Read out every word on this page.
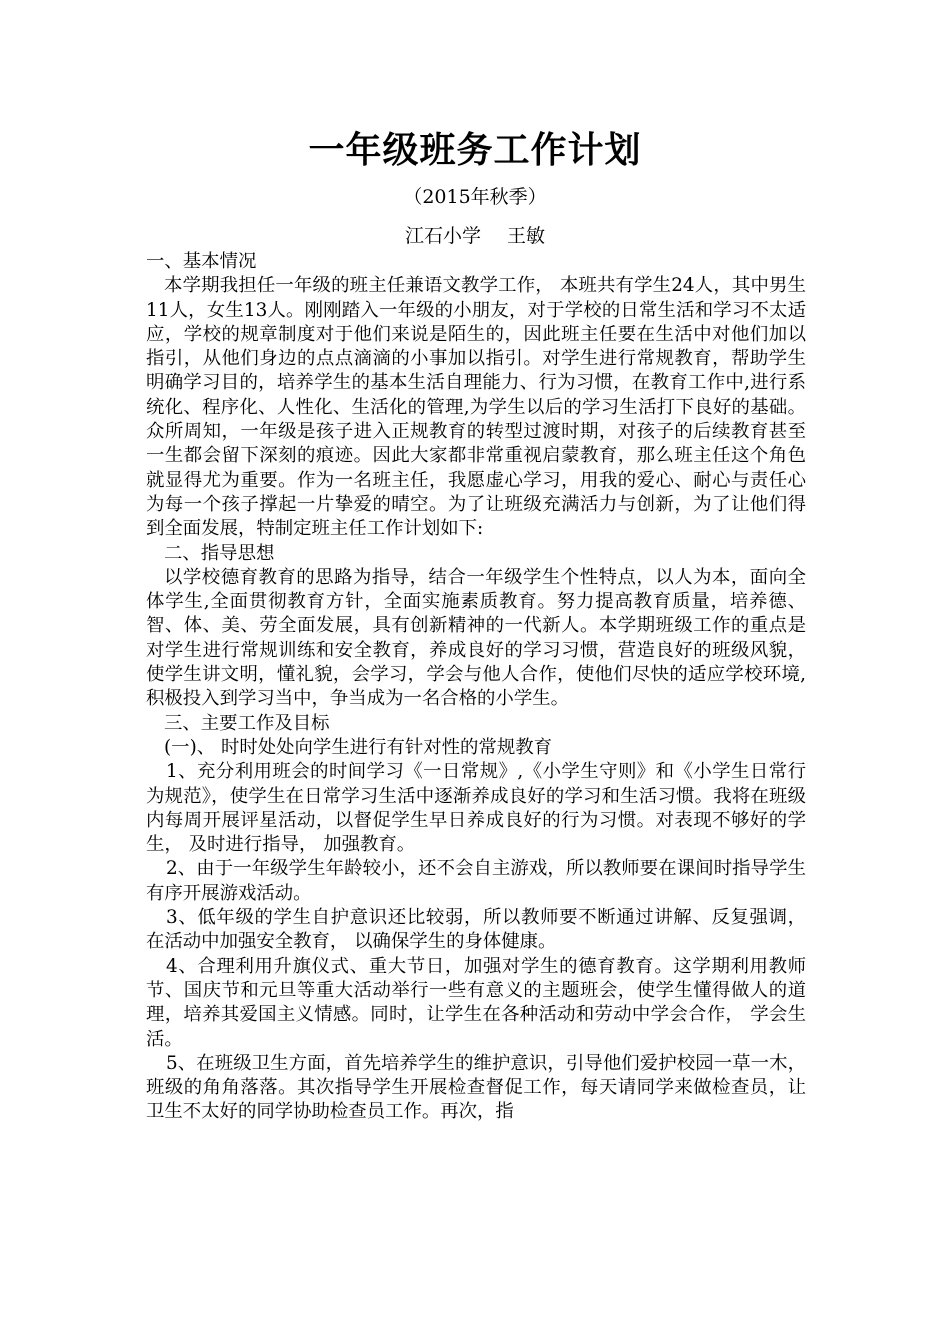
一年级班务工作计划
（2015年秋季）
江石小学 王敏

一、基本情况

本学期我担任一年级的班主任兼语文教学工作， 本班共有学生24人，其中男生11人，女生13人。刚刚踏入一年级的小朋友，对于学校的日常生活和学习不太适应，学校的规章制度对于他们来说是陌生的，因此班主任要在生活中对他们加以指引，从他们身边的点点滴滴的小事加以指引。对学生进行常规教育，帮助学生明确学习目的，培养学生的基本生活自理能力、行为习惯，在教育工作中,进行系统化、程序化、人性化、生活化的管理,为学生以后的学习生活打下良好的基础。众所周知，一年级是孩子进入正规教育的转型过渡时期，对孩子的后续教育甚至一生都会留下深刻的痕迹。因此大家都非常重视启蒙教育，那么班主任这个角色就显得尤为重要。作为一名班主任，我愿虚心学习，用我的爱心、耐心与责任心为每一个孩子撑起一片挚爱的晴空。为了让班级充满活力与创新，为了让他们得到全面发展，特制定班主任工作计划如下:

二、指导思想

以学校德育教育的思路为指导，结合一年级学生个性特点，以人为本，面向全体学生,全面贯彻教育方针，全面实施素质教育。努力提高教育质量，培养德、智、体、美、劳全面发展，具有创新精神的一代新人。本学期班级工作的重点是对学生进行常规训练和安全教育，养成良好的学习习惯，营造良好的班级风貌，使学生讲文明，懂礼貌，会学习，学会与他人合作，使他们尽快的适应学校环境,积极投入到学习当中，争当成为一名合格的小学生。

三、主要工作及目标

(一)、 时时处处向学生进行有针对性的常规教育

1、充分利用班会的时间学习《一日常规》,《小学生守则》和《小学生日常行为规范》，使学生在日常学习生活中逐渐养成良好的学习和生活习惯。我将在班级内每周开展评星活动，以督促学生早日养成良好的行为习惯。对表现不够好的学生， 及时进行指导， 加强教育。

2、由于一年级学生年龄较小，还不会自主游戏，所以教师要在课间时指导学生有序开展游戏活动。

3、低年级的学生自护意识还比较弱，所以教师要不断通过讲解、反复强调， 在活动中加强安全教育， 以确保学生的身体健康。

4、合理利用升旗仪式、重大节日，加强对学生的德育教育。这学期利用教师节、国庆节和元旦等重大活动举行一些有意义的主题班会，使学生懂得做人的道理，培养其爱国主义情感。同时，让学生在各种活动和劳动中学会合作， 学会生活。

5、在班级卫生方面，首先培养学生的维护意识，引导他们爱护校园一草一木，班级的角角落落。其次指导学生开展检查督促工作，每天请同学来做检查员，让卫生不太好的同学协助检查员工作。再次，指
